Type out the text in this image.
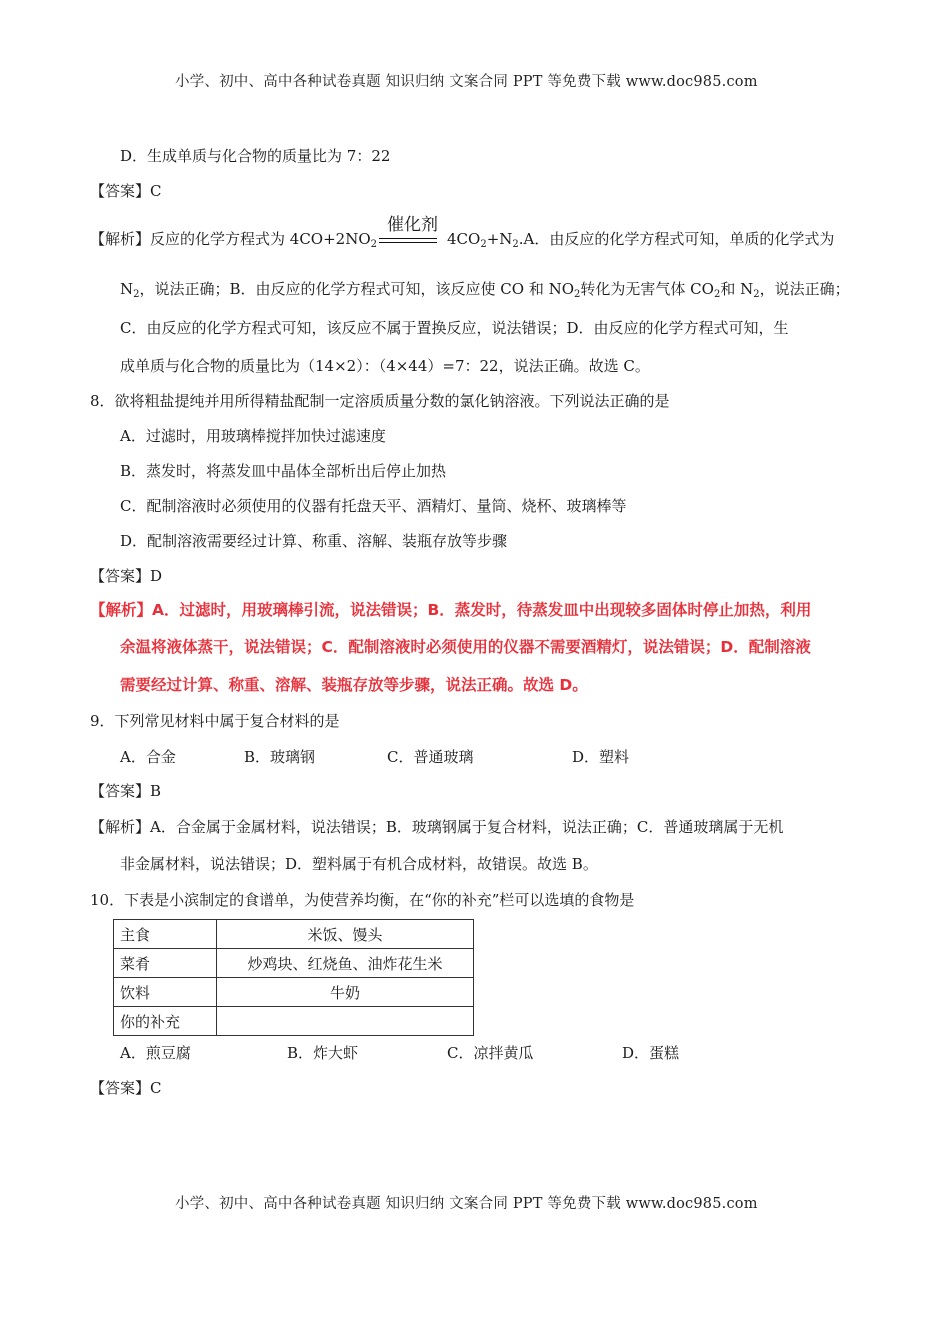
小学、初中、高中各种试卷真题 知识归纳 文案合同 PPT 等免费下载 www.doc985.com
D．生成单质与化合物的质量比为 7：22
【答案】C
【解析】反应的化学方程式为 $4CO+2NO_2$
催化剂
$4CO_2+N_2.A$．由反应的化学方程式可知，单质的化学式为
$N_2$，说法正确；B．由反应的化学方程式可知，该反应使 CO 和 $NO_2$转化为无害气体 $CO_2$和 $N_2$，说法正确；
C．由反应的化学方程式可知，该反应不属于置换反应，说法错误；D．由反应的化学方程式可知，生
成单质与化合物的质量比为（14×2）：（4×44）=7：22，说法正确。故选 C。
8．欲将粗盐提纯并用所得精盐配制一定溶质质量分数的氯化钠溶液。下列说法正确的是
A．过滤时，用玻璃棒搅拌加快过滤速度
B．蒸发时，将蒸发皿中晶体全部析出后停止加热
C．配制溶液时必须使用的仪器有托盘天平、酒精灯、量筒、烧杯、玻璃棒等
D．配制溶液需要经过计算、称重、溶解、装瓶存放等步骤
【答案】D
【解析】A．过滤时，用玻璃棒引流，说法错误；B．蒸发时，待蒸发皿中出现较多固体时停止加热，利用
余温将液体蒸干，说法错误；C．配制溶液时必须使用的仪器不需要酒精灯，说法错误；D．配制溶液
需要经过计算、称重、溶解、装瓶存放等步骤，说法正确。故选 D。
9．下列常见材料中属于复合材料的是
A．合金	B．玻璃钢	C．普通玻璃	D．塑料
【答案】B
【解析】A．合金属于金属材料，说法错误；B．玻璃钢属于复合材料，说法正确；C．普通玻璃属于无机
非金属材料，说法错误；D．塑料属于有机合成材料，故错误。故选 B。
10．下表是小滨制定的食谱单，为使营养均衡，在“你的补充”栏可以选填的食物是
主食	米饭、馒头
菜肴	炒鸡块、红烧鱼、油炸花生米
饮料	牛奶
你的补充	
A．煎豆腐	B．炸大虾	C．凉拌黄瓜	D．蛋糕
【答案】C
小学、初中、高中各种试卷真题 知识归纳 文案合同 PPT 等免费下载 www.doc985.com
